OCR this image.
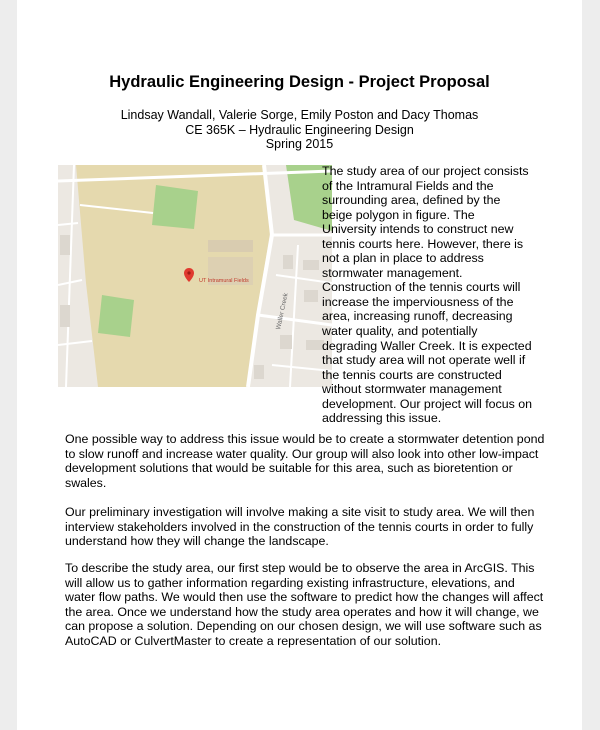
Hydraulic Engineering Design - Project Proposal
Lindsay Wandall, Valerie Sorge, Emily Poston and Dacy Thomas
CE 365K – Hydraulic Engineering Design
Spring 2015
Waller Creek
UT Intramural Fields
The study area of our project consists
of the Intramural Fields and the
surrounding area, defined by the
beige polygon in figure. The
University intends to construct new
tennis courts here. However, there is
not a plan in place to address
stormwater management.
Construction of the tennis courts will
increase the imperviousness of the
area, increasing runoff, decreasing
water quality, and potentially
degrading Waller Creek. It is expected
that study area will not operate well if
the tennis courts are constructed
without stormwater management
development. Our project will focus on
addressing this issue.
One possible way to address this issue would be to create a stormwater detention pond
to slow runoff and increase water quality. Our group will also look into other low-impact
development solutions that would be suitable for this area, such as bioretention or
swales.
Our preliminary investigation will involve making a site visit to study area. We will then
interview stakeholders involved in the construction of the tennis courts in order to fully
understand how they will change the landscape.
To describe the study area, our first step would be to observe the area in ArcGIS. This
will allow us to gather information regarding existing infrastructure, elevations, and
water flow paths. We would then use the software to predict how the changes will affect
the area. Once we understand how the study area operates and how it will change, we
can propose a solution. Depending on our chosen design, we will use software such as
AutoCAD or CulvertMaster to create a representation of our solution.
